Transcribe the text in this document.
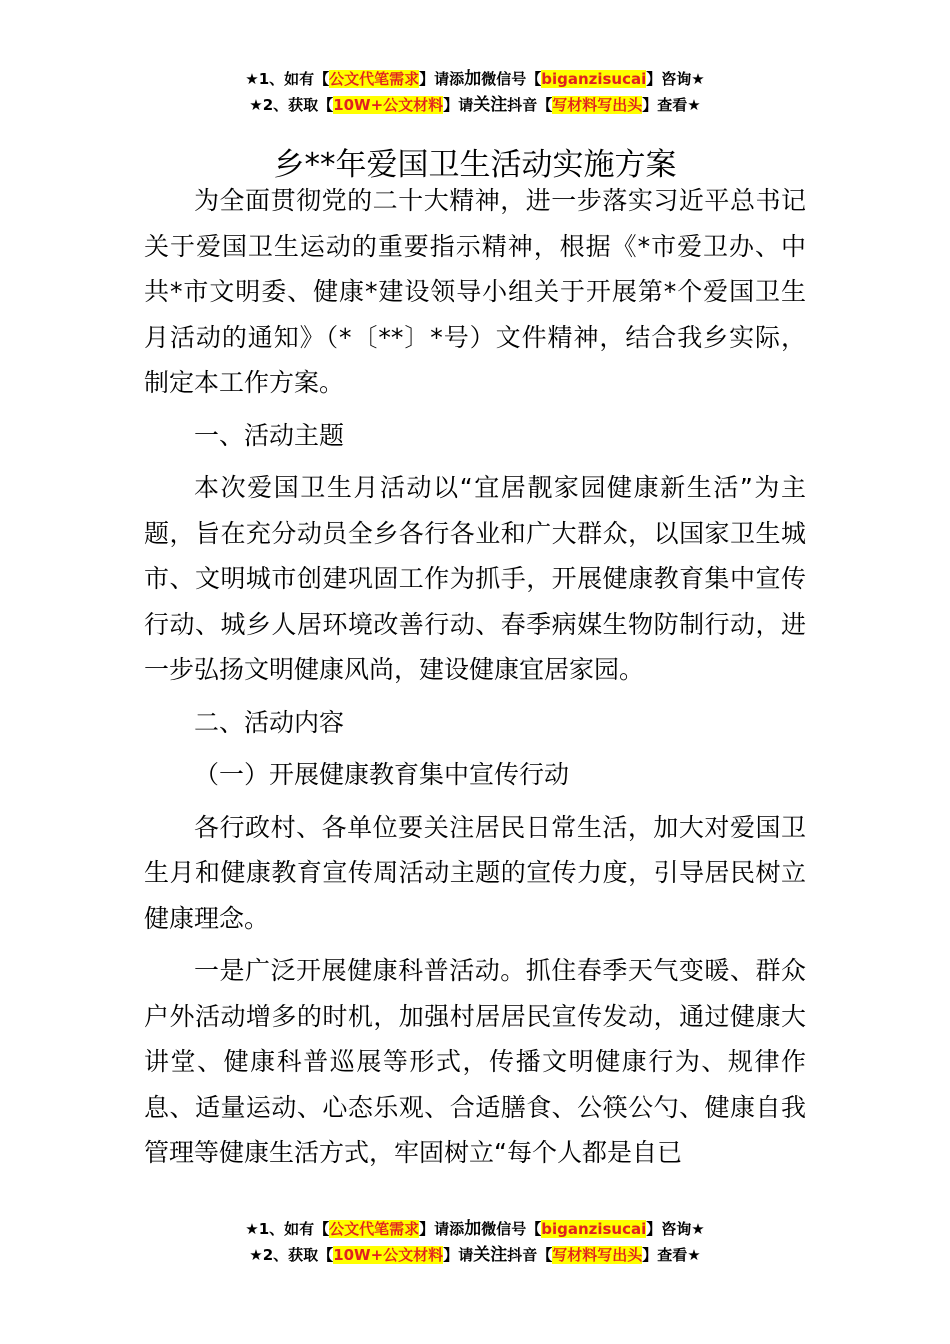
★1、如有【公文代笔需求】请添加微信号【biganzisucai】咨询★
★2、获取【10W+公文材料】请关注抖音【写材料写出头】查看★
乡**年爱国卫生活动实施方案

为全面贯彻党的二十大精神，进一步落实习近平总书记关于爱国卫生运动的重要指示精神，根据《*市爱卫办、中共*市文明委、健康*建设领导小组关于开展第*个爱国卫生月活动的通知》（*〔**〕*号）文件精神，结合我乡实际，制定本工作方案。

一、活动主题

本次爱国卫生月活动以“宜居靓家园健康新生活”为主题，旨在充分动员全乡各行各业和广大群众，以国家卫生城市、文明城市创建巩固工作为抓手，开展健康教育集中宣传行动、城乡人居环境改善行动、春季病媒生物防制行动，进一步弘扬文明健康风尚，建设健康宜居家园。

二、活动内容

（一）开展健康教育集中宣传行动

各行政村、各单位要关注居民日常生活，加大对爱国卫生月和健康教育宣传周活动主题的宣传力度，引导居民树立健康理念。

一是广泛开展健康科普活动。抓住春季天气变暖、群众户外活动增多的时机，加强村居居民宣传发动，通过健康大讲堂、健康科普巡展等形式，传播文明健康行为、规律作息、适量运动、心态乐观、合适膳食、公筷公勺、健康自我管理等健康生活方式，牢固树立“每个人都是自已

★1、如有【公文代笔需求】请添加微信号【biganzisucai】咨询★
★2、获取【10W+公文材料】请关注抖音【写材料写出头】查看★
